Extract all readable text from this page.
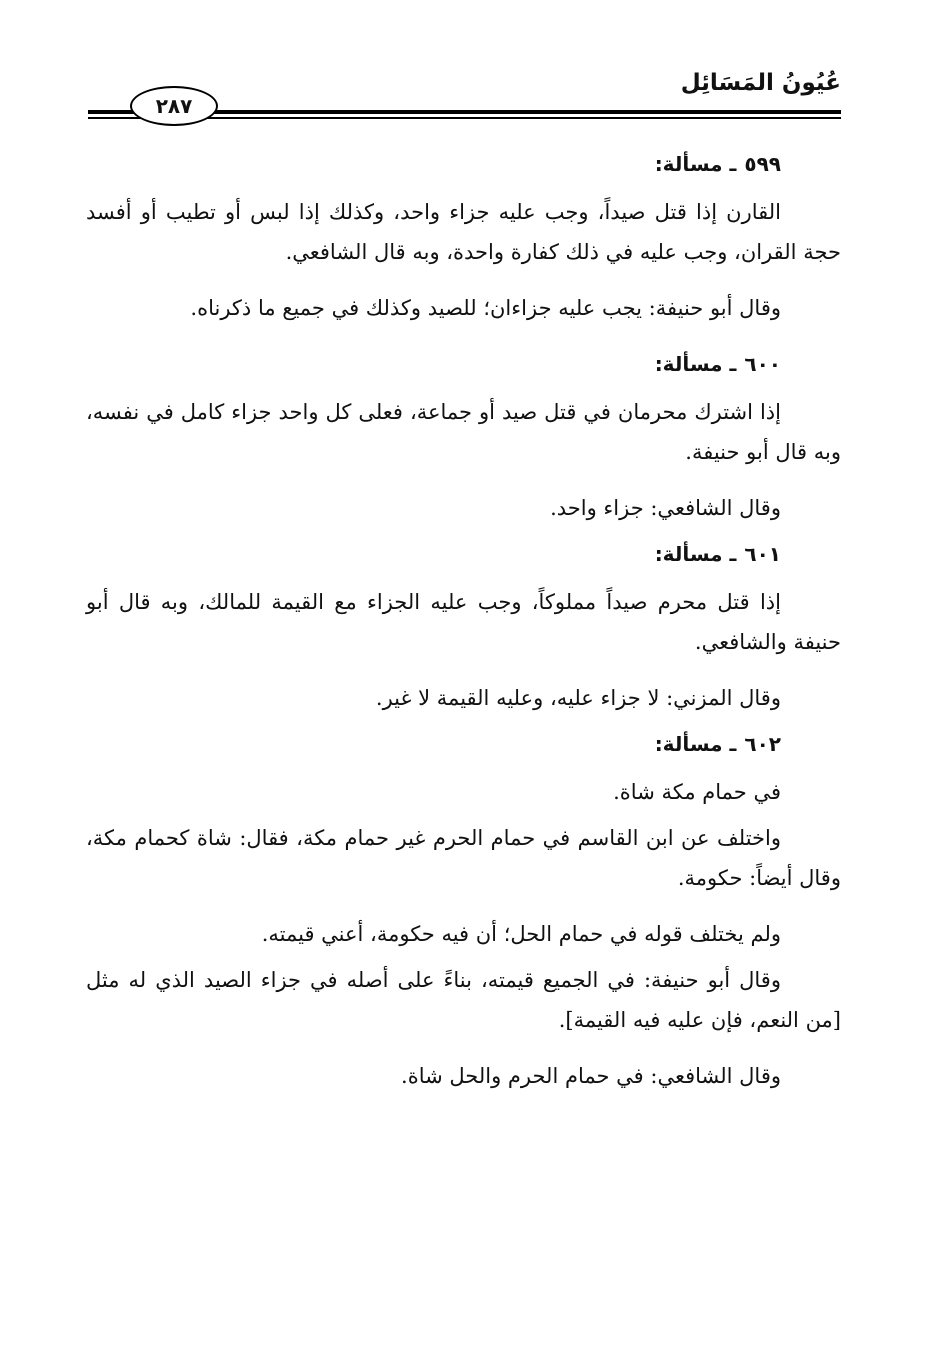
عُيُونُ المَسَائِل
٢٨٧
٥٩٩ـ مسألة:

القارن إذا قتل صيداً، وجب عليه جزاء واحد، وكذلك إذا لبس أو تطيب أو أفسد حجة القران، وجب عليه في ذلك كفارة واحدة، وبه قال الشافعي.

وقال أبو حنيفة: يجب عليه جزاءان؛ للصيد وكذلك في جميع ما ذكرناه.

٦٠٠ـ مسألة:

إذا اشترك محرمان في قتل صيد أو جماعة، فعلى كل واحد جزاء كامل في نفسه، وبه قال أبو حنيفة.

وقال الشافعي: جزاء واحد.

٦٠١ـ مسألة:

إذا قتل محرم صيداً مملوكاً، وجب عليه الجزاء مع القيمة للمالك، وبه قال أبو حنيفة والشافعي.

وقال المزني: لا جزاء عليه، وعليه القيمة لا غير.

٦٠٢ـ مسألة:

في حمام مكة شاة.

واختلف عن ابن القاسم في حمام الحرم غير حمام مكة، فقال: شاة كحمام مكة، وقال أيضاً: حكومة.

ولم يختلف قوله في حمام الحل؛ أن فيه حكومة، أعني قيمته.

وقال أبو حنيفة: في الجميع قيمته، بناءً على أصله في جزاء الصيد الذي له مثل [من النعم، فإن عليه فيه القيمة].

وقال الشافعي: في حمام الحرم والحل شاة.
